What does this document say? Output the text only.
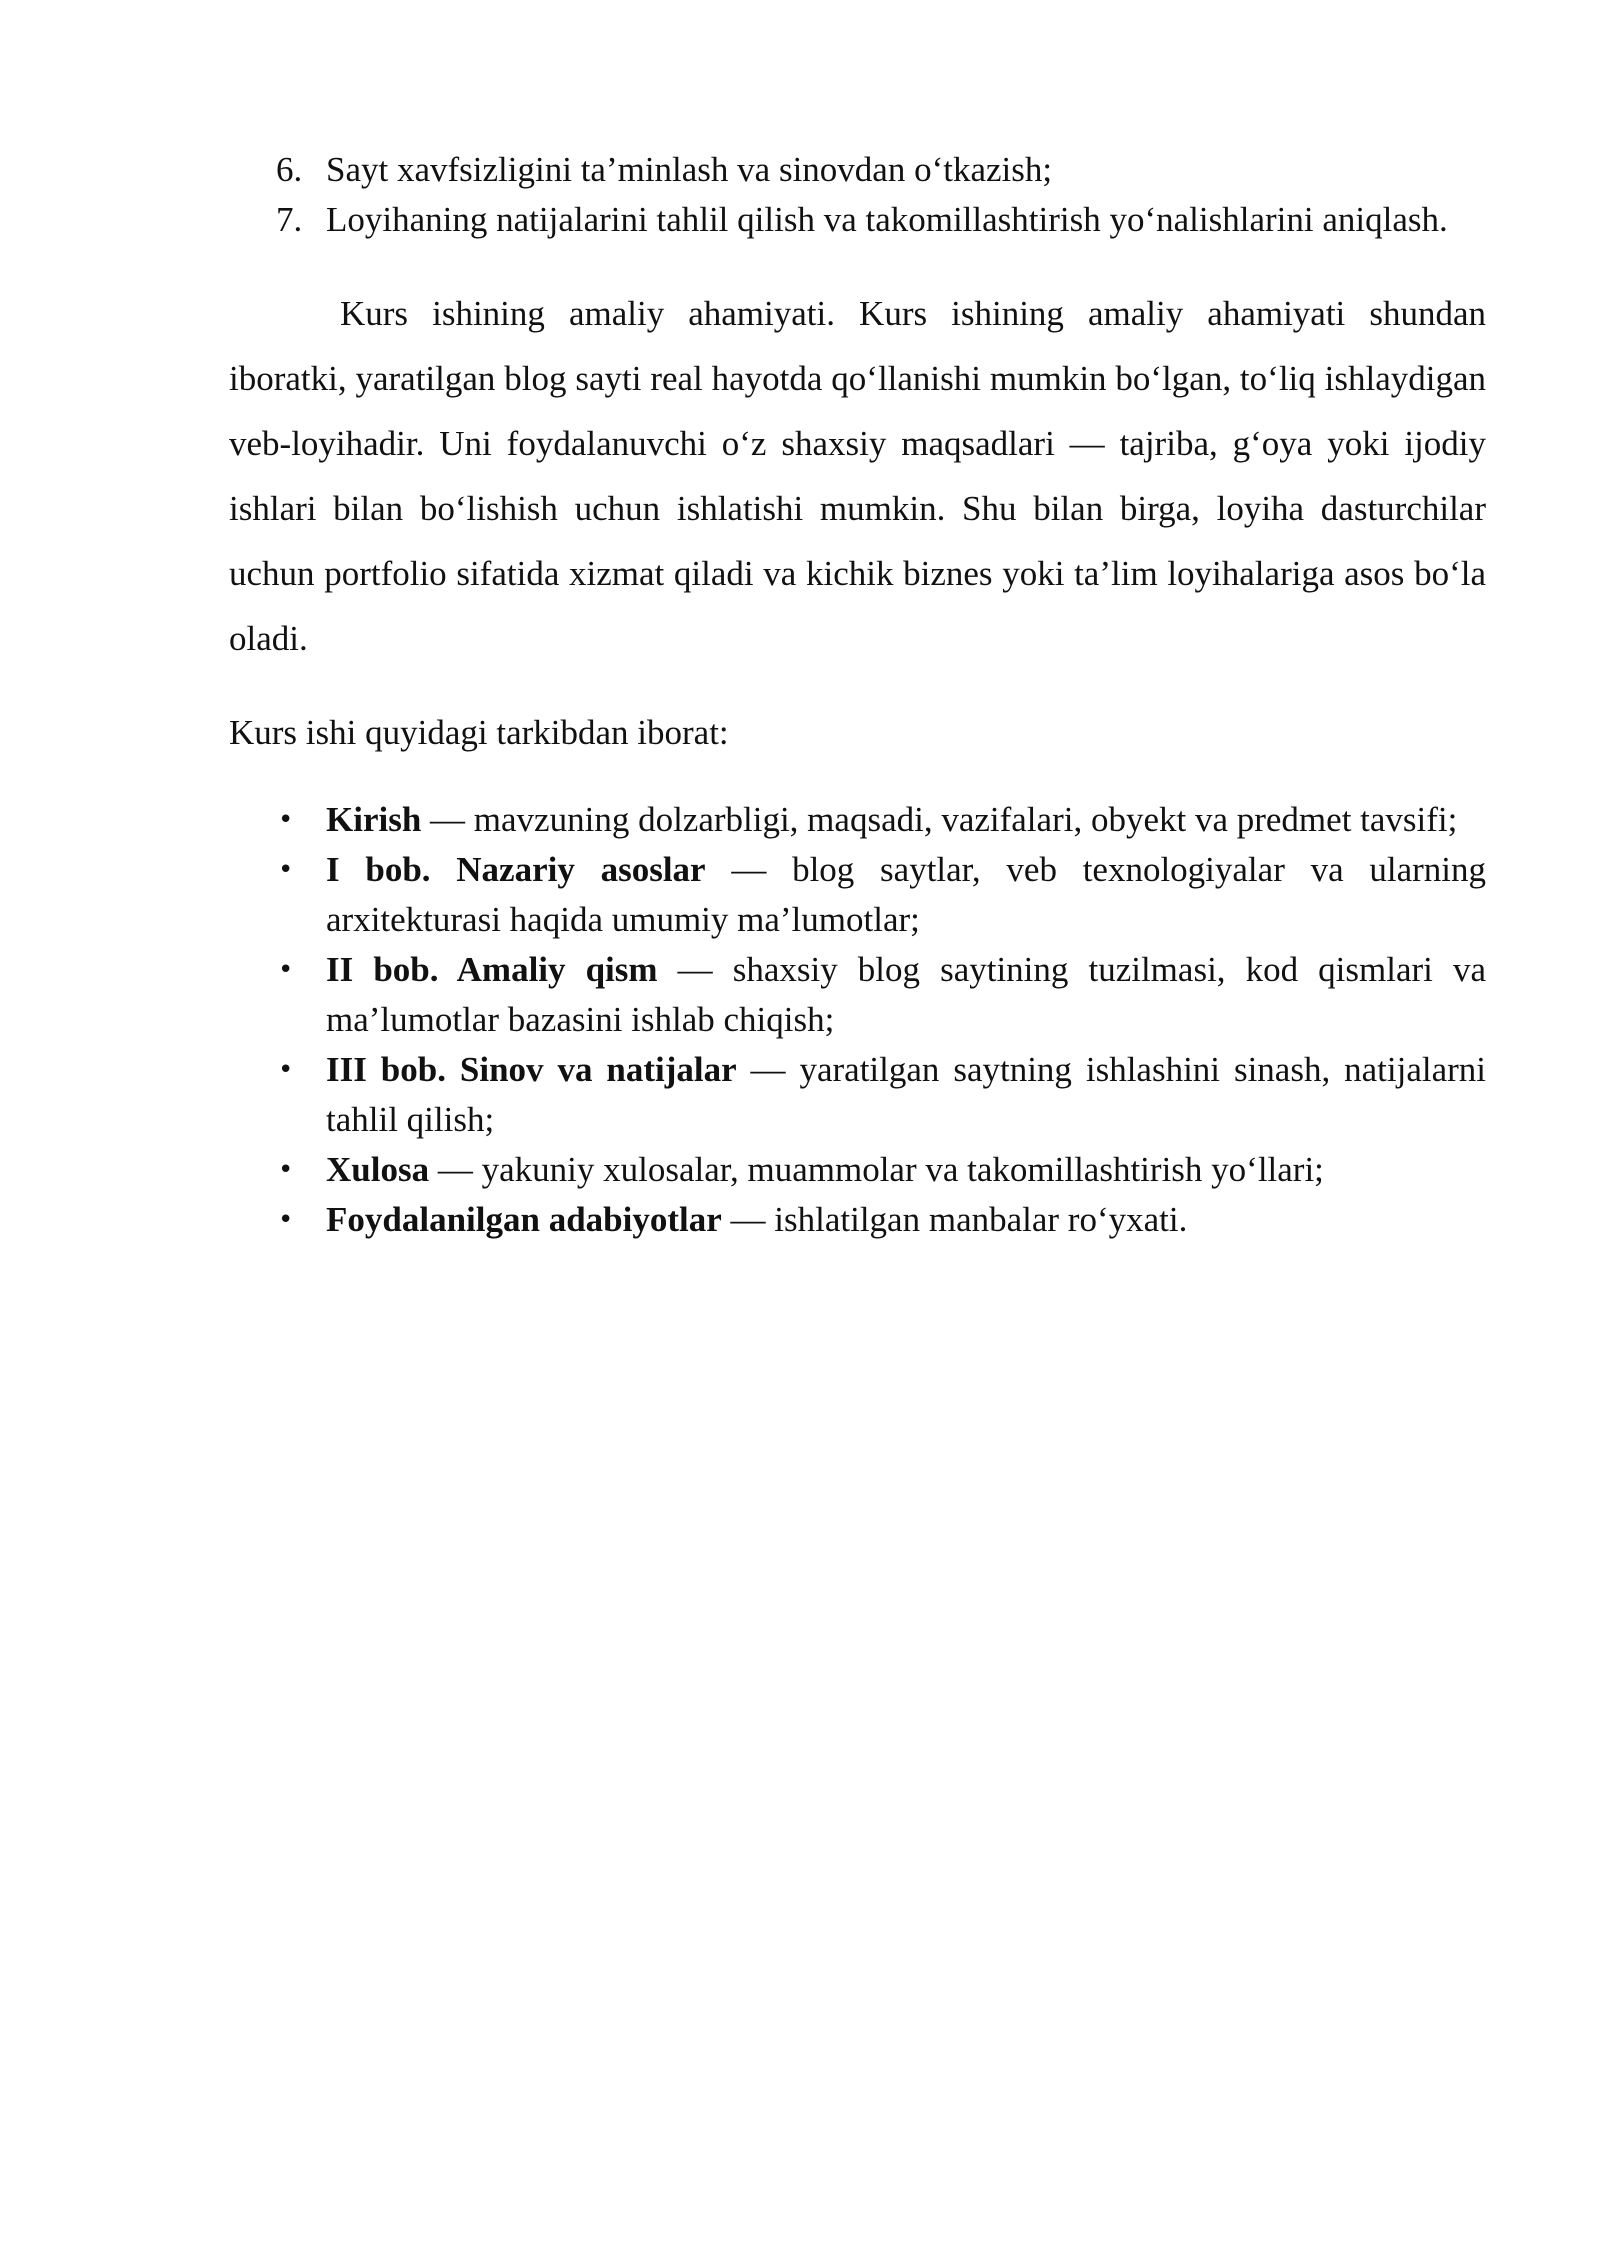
6. Sayt xavfsizligini ta’minlash va sinovdan o‘tkazish;
7. Loyihaning natijalarini tahlil qilish va takomillashtirish yo‘nalishlarini aniqlash.

Kurs ishining amaliy ahamiyati. Kurs ishining amaliy ahamiyati shundan iboratki, yaratilgan blog sayti real hayotda qo‘llanishi mumkin bo‘lgan, to‘liq ishlaydigan veb-loyihadir. Uni foydalanuvchi o‘z shaxsiy maqsadlari — tajriba, g‘oya yoki ijodiy ishlari bilan bo‘lishish uchun ishlatishi mumkin. Shu bilan birga, loyiha dasturchilar uchun portfolio sifatida xizmat qiladi va kichik biznes yoki ta’lim loyihalariga asos bo‘la oladi.

Kurs ishi quyidagi tarkibdan iborat:

• Kirish — mavzuning dolzarbligi, maqsadi, vazifalari, obyekt va predmet tavsifi;
• I bob. Nazariy asoslar — blog saytlar, veb texnologiyalar va ularning arxitekturasi haqida umumiy ma’lumotlar;
• II bob. Amaliy qism — shaxsiy blog saytining tuzilmasi, kod qismlari va ma’lumotlar bazasini ishlab chiqish;
• III bob. Sinov va natijalar — yaratilgan saytning ishlashini sinash, natijalarni tahlil qilish;
• Xulosa — yakuniy xulosalar, muammolar va takomillashtirish yo‘llari;
• Foydalanilgan adabiyotlar — ishlatilgan manbalar ro‘yxati.
